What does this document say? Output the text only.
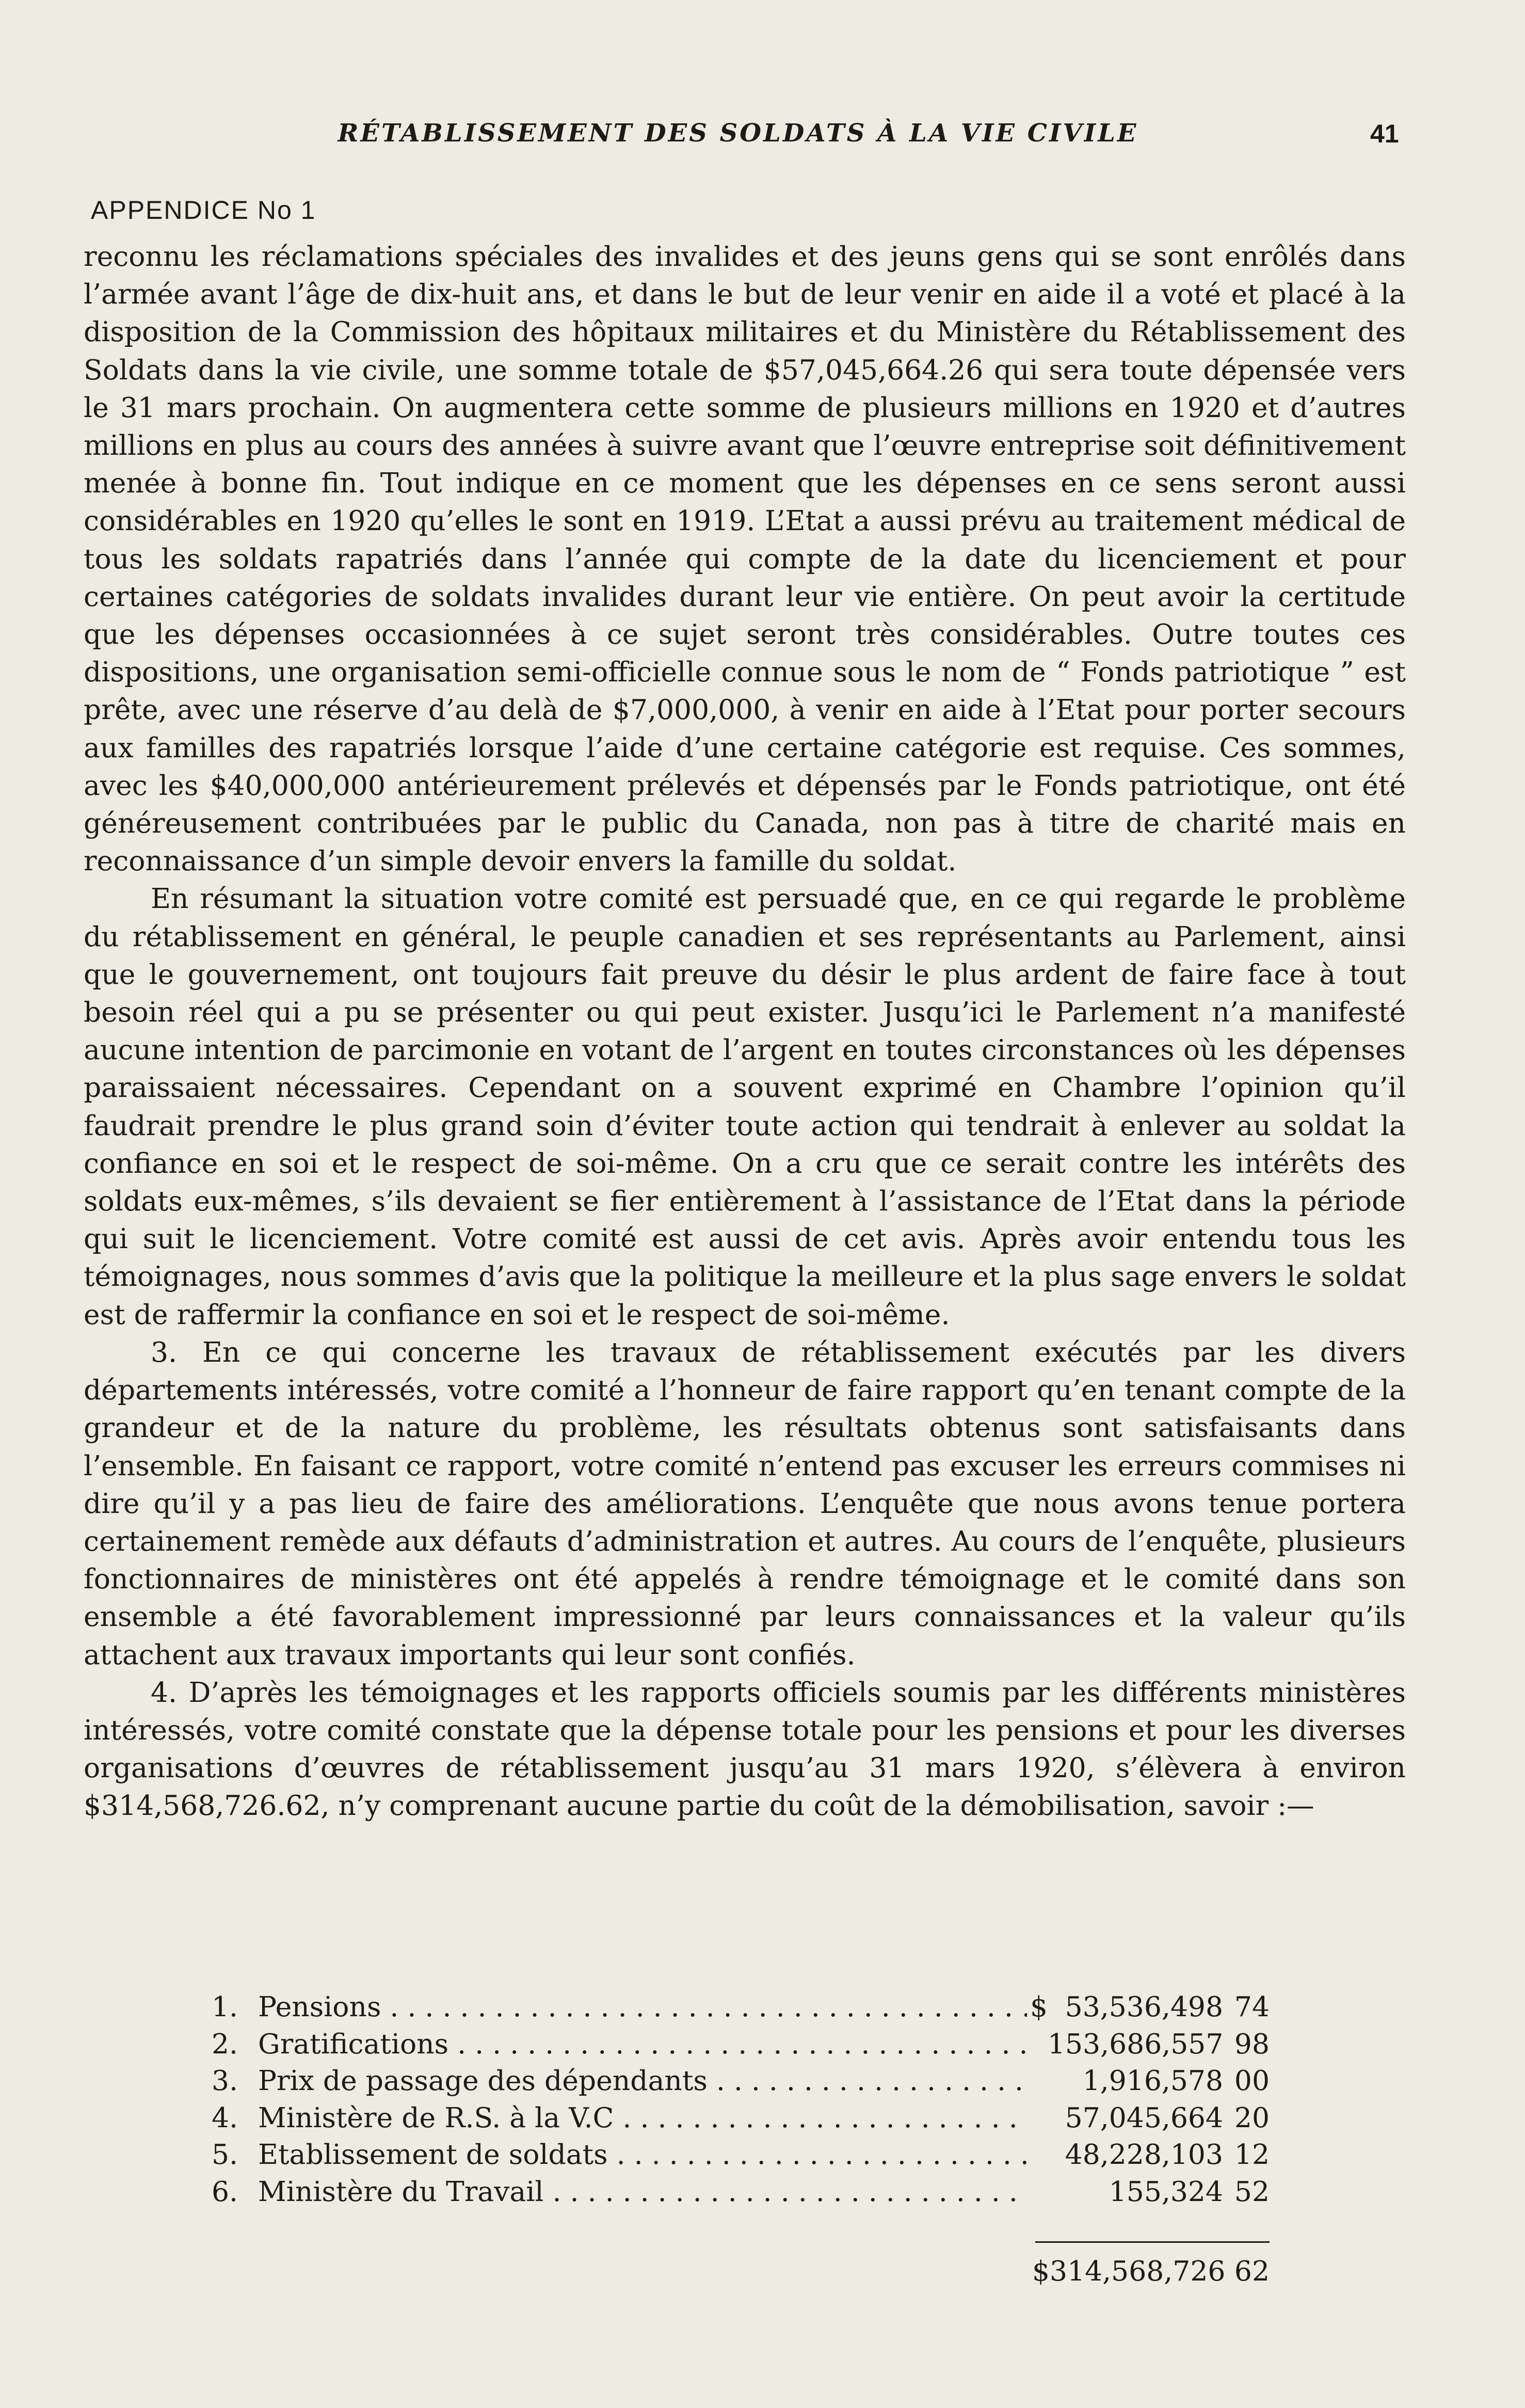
RÉTABLISSEMENT DES SOLDATS À LA VIE CIVILE	41
APPENDICE No 1

reconnu les réclamations spéciales des invalides et des jeuns gens qui se sont enrôlés dans l’armée avant l’âge de dix-huit ans, et dans le but de leur venir en aide il a voté et placé à la disposition de la Commission des hôpitaux militaires et du Ministère du Rétablissement des Soldats dans la vie civile, une somme totale de $57,045,664.26 qui sera toute dépensée vers le 31 mars prochain. On augmentera cette somme de plusieurs millions en 1920 et d’autres millions en plus au cours des années à suivre avant que l’œuvre entreprise soit définitivement menée à bonne fin. Tout indique en ce moment que les dépenses en ce sens seront aussi considérables en 1920 qu’elles le sont en 1919. L’Etat a aussi prévu au traitement médical de tous les soldats rapatriés dans l’année qui compte de la date du licenciement et pour certaines catégories de soldats invalides durant leur vie entière. On peut avoir la certitude que les dépenses occasionnées à ce sujet seront très considérables. Outre toutes ces dispositions, une organisation semi-officielle connue sous le nom de “ Fonds patriotique ” est prête, avec une réserve d’au delà de $7,000,000, à venir en aide à l’Etat pour porter secours aux familles des rapatriés lorsque l’aide d’une certaine catégorie est requise. Ces sommes, avec les $40,000,000 antérieurement prélevés et dépensés par le Fonds patriotique, ont été généreusement contribuées par le public du Canada, non pas à titre de charité mais en reconnaissance d’un simple devoir envers la famille du soldat.

En résumant la situation votre comité est persuadé que, en ce qui regarde le problème du rétablissement en général, le peuple canadien et ses représentants au Parlement, ainsi que le gouvernement, ont toujours fait preuve du désir le plus ardent de faire face à tout besoin réel qui a pu se présenter ou qui peut exister. Jusqu’ici le Parlement n’a manifesté aucune intention de parcimonie en votant de l’argent en toutes circonstances où les dépenses paraissaient nécessaires. Cependant on a souvent exprimé en Chambre l’opinion qu’il faudrait prendre le plus grand soin d’éviter toute action qui tendrait à enlever au soldat la confiance en soi et le respect de soi-même. On a cru que ce serait contre les intérêts des soldats eux-mêmes, s’ils devaient se fier entièrement à l’assistance de l’Etat dans la période qui suit le licenciement. Votre comité est aussi de cet avis. Après avoir entendu tous les témoignages, nous sommes d’avis que la politique la meilleure et la plus sage envers le soldat est de raffermir la confiance en soi et le respect de soi-même.

3. En ce qui concerne les travaux de rétablissement exécutés par les divers départements intéressés, votre comité a l’honneur de faire rapport qu’en tenant compte de la grandeur et de la nature du problème, les résultats obtenus sont satisfaisants dans l’ensemble. En faisant ce rapport, votre comité n’entend pas excuser les erreurs commises ni dire qu’il y a pas lieu de faire des améliorations. L’enquête que nous avons tenue portera certainement remède aux défauts d’administration et autres. Au cours de l’enquête, plusieurs fonctionnaires de ministères ont été appelés à rendre témoignage et le comité dans son ensemble a été favorablement impressionné par leurs connaissances et la valeur qu’ils attachent aux travaux importants qui leur sont confiés.

4. D’après les témoignages et les rapports officiels soumis par les différents ministères intéressés, votre comité constate que la dépense totale pour les pensions et pour les diverses organisations d’œuvres de rétablissement jusqu’au 31 mars 1920, s’élèvera à environ $314,568,726.62, n’y comprenant aucune partie du coût de la démobilisation, savoir :—

1. Pensions . . .	$ 53,536,498 74
2. Gratifications . . .	153,686,557 98
3. Prix de passage des dépendants . . .	1,916,578 00
4. Ministère de R.S. à la V.C . . .	57,045,664 20
5. Etablissement de soldats . . .	48,228,103 12
6. Ministère du Travail . . .	155,324 52
$314,568,726 62
